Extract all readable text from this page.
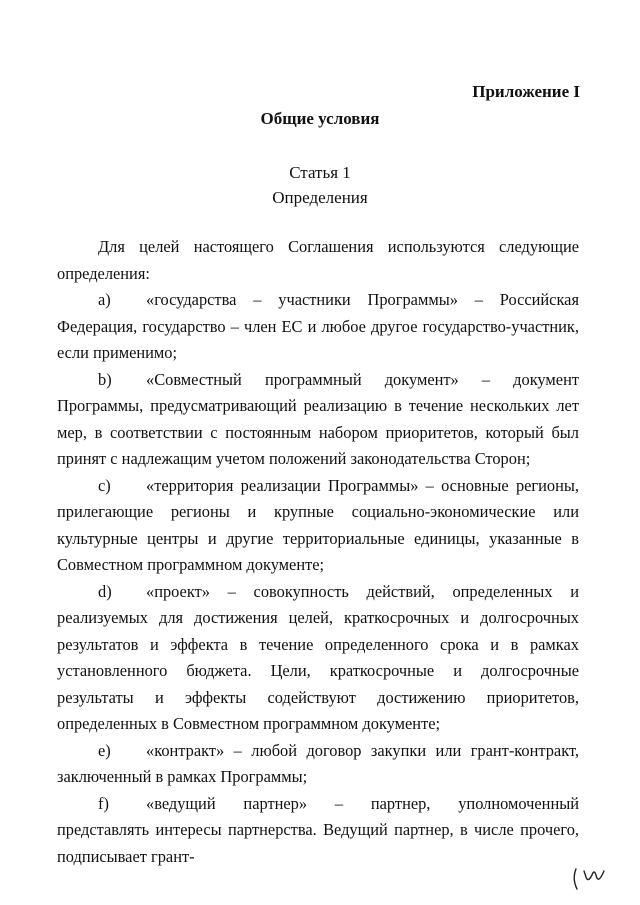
Приложение I
Общие условия
Статья 1
Определения

Для целей настоящего Соглашения используются следующие определения:

a) «государства – участники Программы» – Российская Федерация, государство – член ЕС и любое другое государство-участник, если применимо;

b) «Совместный программный документ» – документ Программы, предусматривающий реализацию в течение нескольких лет мер, в соответствии с постоянным набором приоритетов, который был принят с надлежащим учетом положений законодательства Сторон;

c) «территория реализации Программы» – основные регионы, прилегающие регионы и крупные социально-экономические или культурные центры и другие территориальные единицы, указанные в Совместном программном документе;

d) «проект» – совокупность действий, определенных и реализуемых для достижения целей, краткосрочных и долгосрочных результатов и эффекта в течение определенного срока и в рамках установленного бюджета. Цели, краткосрочные и долгосрочные результаты и эффекты содействуют достижению приоритетов, определенных в Совместном программном документе;

e) «контракт» – любой договор закупки или грант-контракт, заключенный в рамках Программы;

f) «ведущий партнер» – партнер, уполномоченный представлять интересы партнерства. Ведущий партнер, в числе прочего, подписывает грант-
